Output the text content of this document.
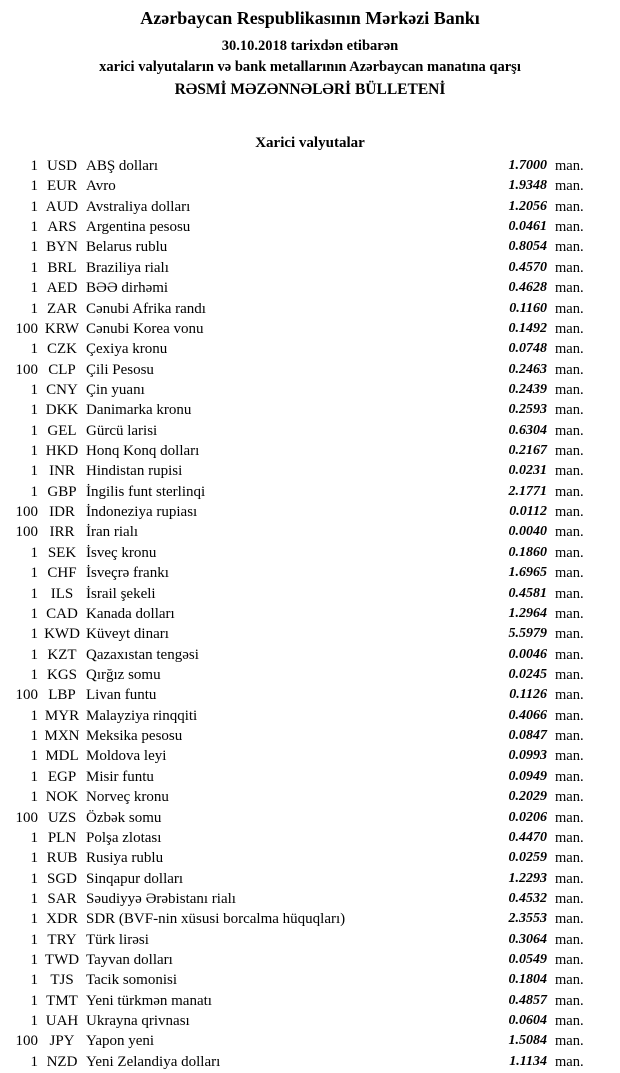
Azərbaycan Respublikasının Mərkəzi Bankı
30.10.2018 tarixdən etibarən
xarici valyutaların və bank metallarının Azərbaycan manatına qarşı
RƏSMİ MƏZƏNNƏLƏRİ BÜLLETENİ
Xarici valyutalar
1 USD ABŞ dolları	1.7000 man.
1 EUR Avro	1.9348 man.
1 AUD Avstraliya dolları	1.2056 man.
1 ARS Argentina pesosu	0.0461 man.
1 BYN Belarus rublu	0.8054 man.
1 BRL Braziliya rialı	0.4570 man.
1 AED BƏƏ dirhəmi	0.4628 man.
1 ZAR Cənubi Afrika randı	0.1160 man.
100 KRW Cənubi Korea vonu	0.1492 man.
1 CZK Çexiya kronu	0.0748 man.
100 CLP Çili Pesosu	0.2463 man.
1 CNY Çin yuanı	0.2439 man.
1 DKK Danimarka kronu	0.2593 man.
1 GEL Gürcü larisi	0.6304 man.
1 HKD Honq Konq dolları	0.2167 man.
1 INR Hindistan rupisi	0.0231 man.
1 GBP İngilis funt sterlinqi	2.1771 man.
100 IDR İndoneziya rupiası	0.0112 man.
100 IRR İran rialı	0.0040 man.
1 SEK İsveç kronu	0.1860 man.
1 CHF İsveçrə frankı	1.6965 man.
1 ILS İsrail şekeli	0.4581 man.
1 CAD Kanada dolları	1.2964 man.
1 KWD Küveyt dinarı	5.5979 man.
1 KZT Qazaxıstan tengəsi	0.0046 man.
1 KGS Qırğız somu	0.0245 man.
100 LBP Livan funtu	0.1126 man.
1 MYR Malayziya rinqqiti	0.4066 man.
1 MXN Meksika pesosu	0.0847 man.
1 MDL Moldova leyi	0.0993 man.
1 EGP Misir funtu	0.0949 man.
1 NOK Norveç kronu	0.2029 man.
100 UZS Özbək somu	0.0206 man.
1 PLN Polşa zlotası	0.4470 man.
1 RUB Rusiya rublu	0.0259 man.
1 SGD Sinqapur dolları	1.2293 man.
1 SAR Səudiyyə Ərəbistanı rialı	0.4532 man.
1 XDR SDR (BVF-nin xüsusi borcalma hüquqları)	2.3553 man.
1 TRY Türk lirəsi	0.3064 man.
1 TWD Tayvan dolları	0.0549 man.
1 TJS Tacik somonisi	0.1804 man.
1 TMT Yeni türkmən manatı	0.4857 man.
1 UAH Ukrayna qrivnası	0.0604 man.
100 JPY Yapon yeni	1.5084 man.
1 NZD Yeni Zelandiya dolları	1.1134 man.
